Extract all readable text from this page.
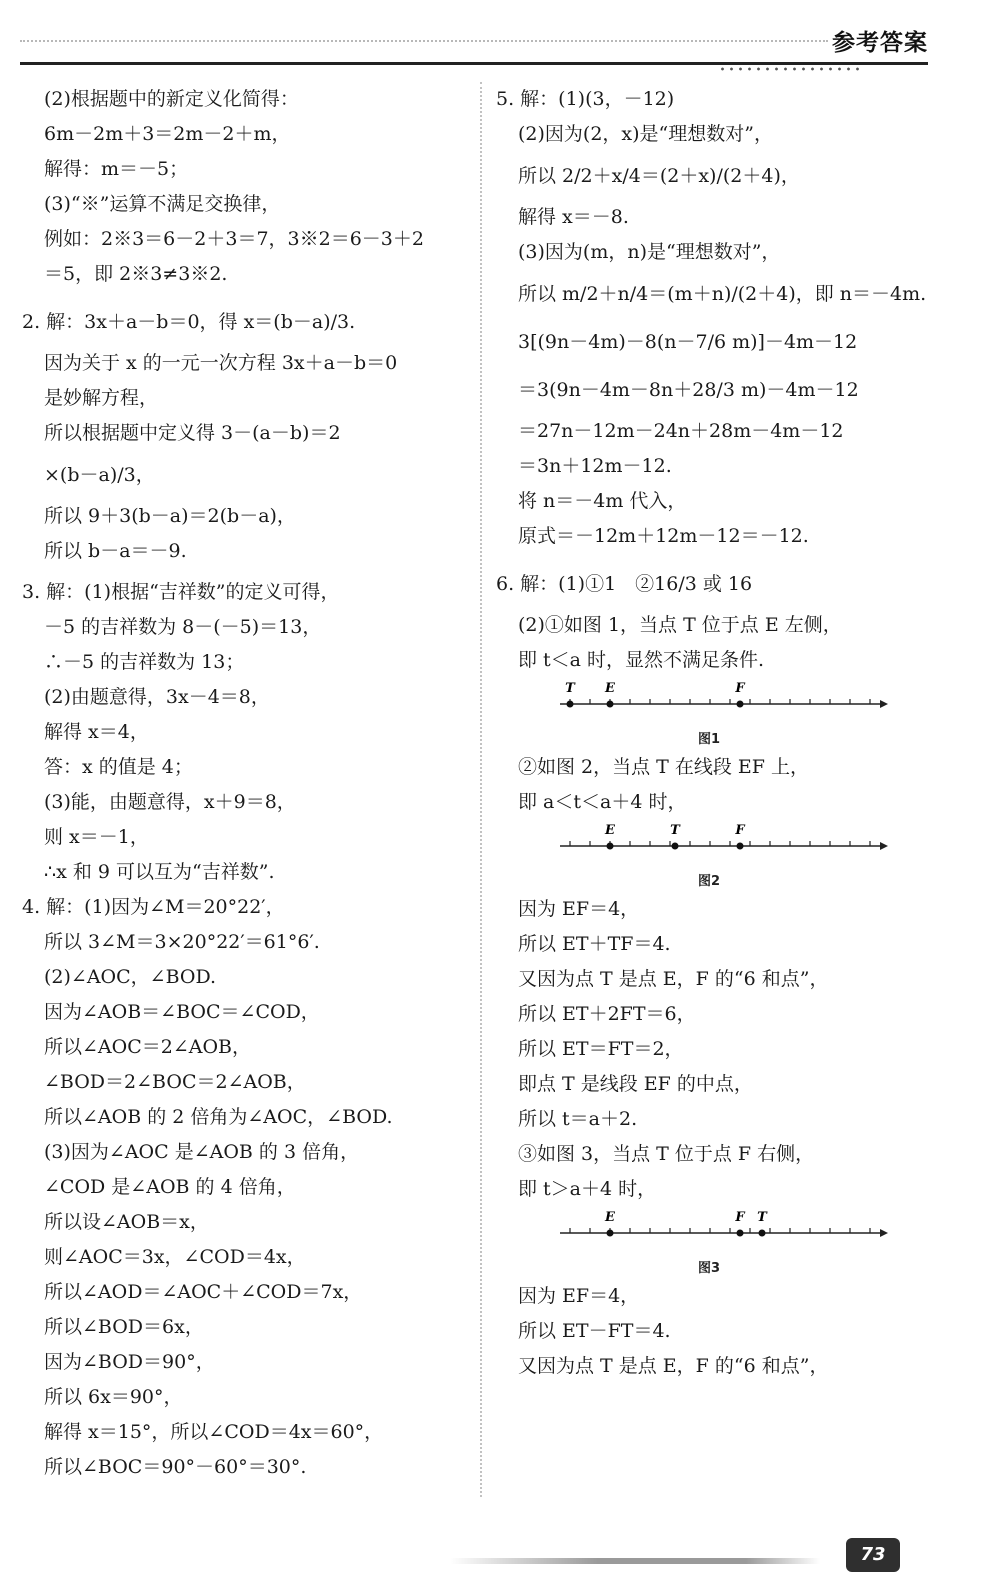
参考答案
(2)根据题中的新定义化简得：
6m－2m＋3＝2m－2＋m，
解得：m＝－5；
(3)“※”运算不满足交换律，
例如：2※3＝6－2＋3＝7，3※2＝6－3＋2
＝5，即 2※3≠3※2.
2. 解：3x＋a－b＝0，得 x＝(b－a)/3.
因为关于 x 的一元一次方程 3x＋a－b＝0
是妙解方程，
所以根据题中定义得 3－(a－b)＝2
×(b－a)/3，
所以 9＋3(b－a)＝2(b－a)，
所以 b－a＝－9.
3. 解：(1)根据“吉祥数”的定义可得，
－5 的吉祥数为 8－(－5)＝13，
∴－5 的吉祥数为 13；
(2)由题意得，3x－4＝8，
解得 x＝4，
答：x 的值是 4；
(3)能，由题意得，x＋9＝8，
则 x＝－1，
∴x 和 9 可以互为“吉祥数”.
4. 解：(1)因为∠M＝20°22′，
所以 3∠M＝3×20°22′＝61°6′.
(2)∠AOC，∠BOD.
因为∠AOB＝∠BOC＝∠COD，
所以∠AOC＝2∠AOB，
∠BOD＝2∠BOC＝2∠AOB，
所以∠AOB 的 2 倍角为∠AOC，∠BOD.
(3)因为∠AOC 是∠AOB 的 3 倍角，
∠COD 是∠AOB 的 4 倍角，
所以设∠AOB＝x，
则∠AOC＝3x，∠COD＝4x，
所以∠AOD＝∠AOC＋∠COD＝7x，
所以∠BOD＝6x，
因为∠BOD＝90°，
所以 6x＝90°，
解得 x＝15°，所以∠COD＝4x＝60°，
所以∠BOC＝90°－60°＝30°.
5. 解：(1)(3，－12)
(2)因为(2，x)是“理想数对”，
所以 2/2＋x/4＝(2＋x)/(2＋4)，
解得 x＝－8.
(3)因为(m，n)是“理想数对”，
所以 m/2＋n/4＝(m＋n)/(2＋4)，即 n＝－4m.
3[(9n－4m)－8(n－7/6 m)]－4m－12
＝3(9n－4m－8n＋28/3 m)－4m－12
＝27n－12m－24n＋28m－4m－12
＝3n＋12m－12.
将 n＝－4m 代入，
原式＝－12m＋12m－12＝－12.
6. 解：(1)①1　②16/3 或 16
(2)①如图 1，当点 T 位于点 E 左侧，
即 t＜a 时，显然不满足条件.
T E	F
图1
②如图 2，当点 T 在线段 EF 上，
即 a＜t＜a＋4 时，
E	T	F
图2
因为 EF＝4，
所以 ET＋TF＝4.
又因为点 T 是点 E，F 的“6 和点”，
所以 ET＋2FT＝6，
所以 ET＝FT＝2，
即点 T 是线段 EF 的中点，
所以 t＝a＋2.
③如图 3，当点 T 位于点 F 右侧，
即 t＞a＋4 时，
E	F T
图3
因为 EF＝4，
所以 ET－FT＝4.
又因为点 T 是点 E，F 的“6 和点”，
73
